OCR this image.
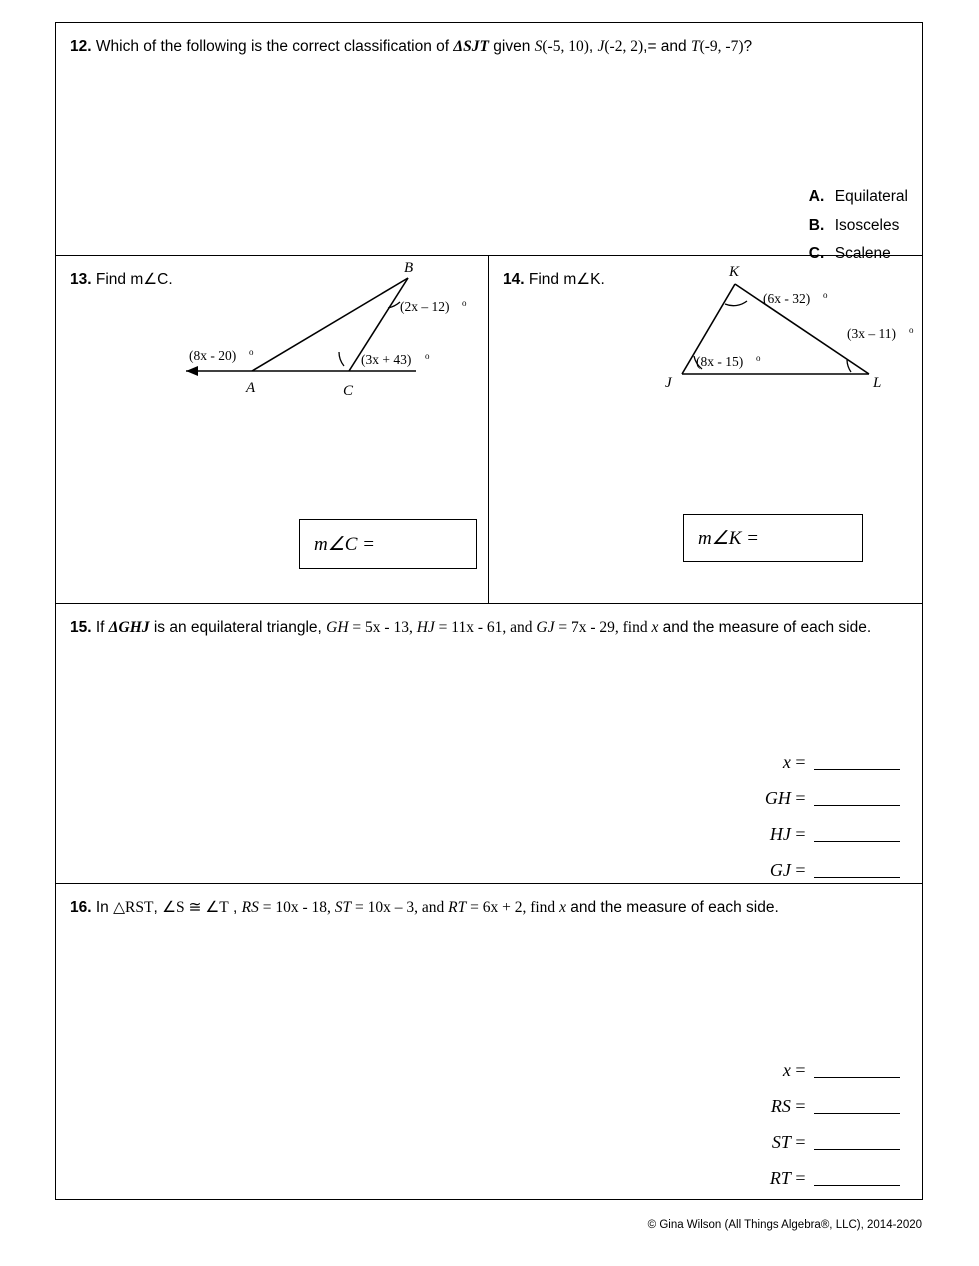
12. Which of the following is the correct classification of ΔSJT given S(-5, 10), J(-2, 2),= and T(-9, -7)?
A. Equilateral
B. Isosceles
C. Scalene
13. Find m∠C.
B
A	C
(8x - 20) o
(2x – 12) o
(3x + 43) o
m∠C =
14. Find m∠K.	K
J	L
(6x - 32) o
(8x - 15) o
(3x – 11) o
m∠K =
15. If ΔGHJ is an equilateral triangle, GH = 5x - 13, HJ = 11x - 61, and GJ = 7x - 29, find x and the measure of each side.
x =
GH =
HJ =
GJ =
16. In △RST, ∠S ≅ ∠T , RS = 10x - 18, ST = 10x – 3, and RT = 6x + 2, find x and the measure of each side.
x =
RS =
ST =
RT =
© Gina Wilson (All Things Algebra®, LLC), 2014-2020
